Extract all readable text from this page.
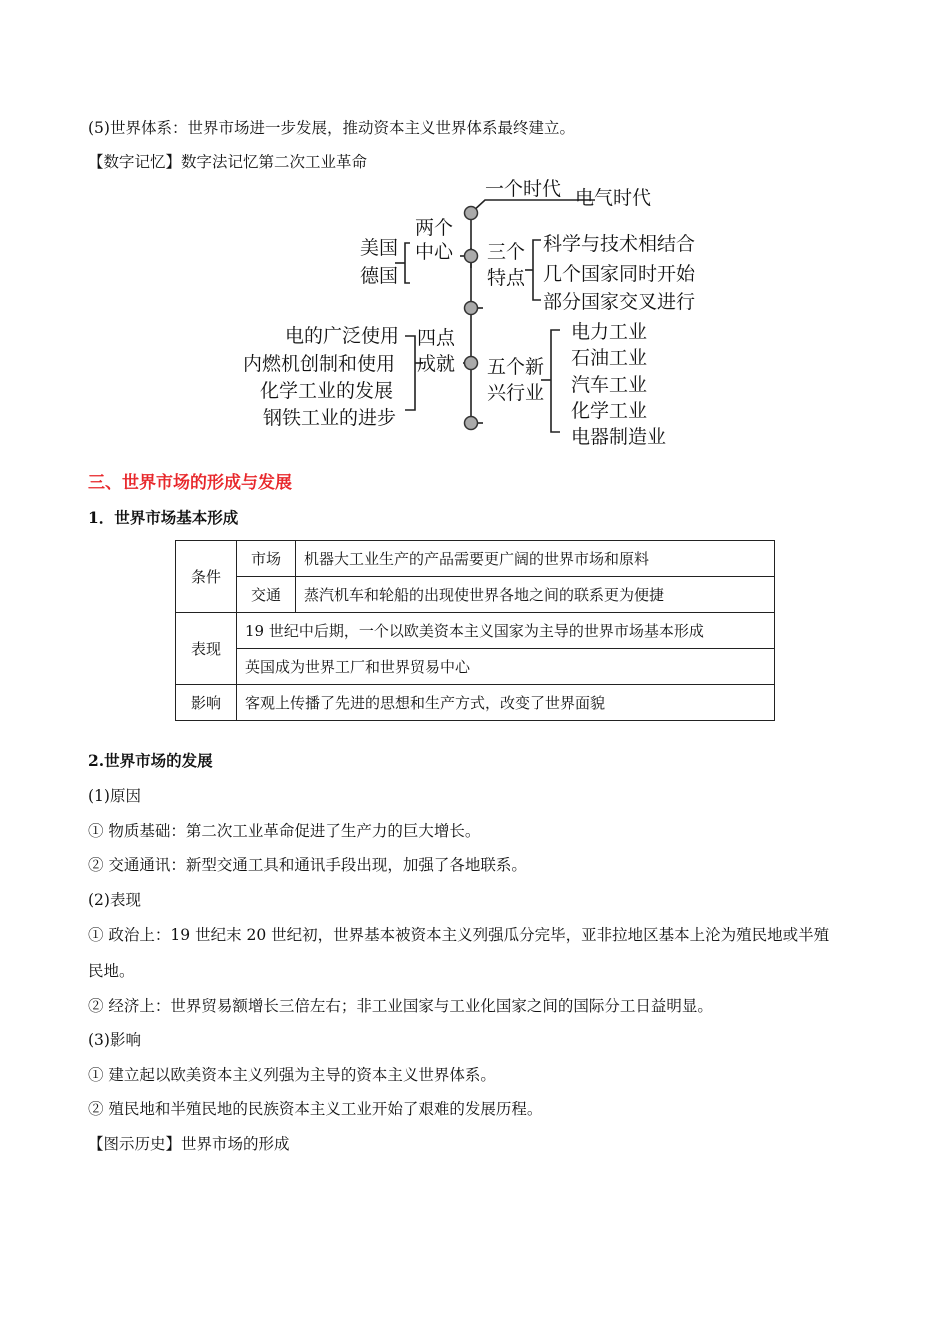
(5)世界体系：世界市场进一步发展，推动资本主义世界体系最终建立。
【数字记忆】数字法记忆第二次工业革命
一个时代 电气时代
两个
中心
美国
德国
三个
特点
科学与技术相结合
几个国家同时开始
部分国家交叉进行
四点
成就
电的广泛使用
内燃机创制和使用
化学工业的发展
钢铁工业的进步
五个新
兴行业
电力工业
石油工业
汽车工业
化学工业
电器制造业
三、世界市场的形成与发展
1．世界市场基本形成
条件	市场	机器大工业生产的产品需要更广阔的世界市场和原料
	交通	蒸汽机车和轮船的出现使世界各地之间的联系更为便捷
表现	19 世纪中后期，一个以欧美资本主义国家为主导的世界市场基本形成	
	英国成为世界工厂和世界贸易中心	
影响	客观上传播了先进的思想和生产方式，改变了世界面貌	
2.世界市场的发展
(1)原因
① 物质基础：第二次工业革命促进了生产力的巨大增长。
② 交通通讯：新型交通工具和通讯手段出现，加强了各地联系。
(2)表现
① 政治上：19 世纪末 20 世纪初，世界基本被资本主义列强瓜分完毕，亚非拉地区基本上沦为殖民地或半殖
民地。
② 经济上：世界贸易额增长三倍左右；非工业国家与工业化国家之间的国际分工日益明显。
(3)影响
① 建立起以欧美资本主义列强为主导的资本主义世界体系。
② 殖民地和半殖民地的民族资本主义工业开始了艰难的发展历程。
【图示历史】世界市场的形成
